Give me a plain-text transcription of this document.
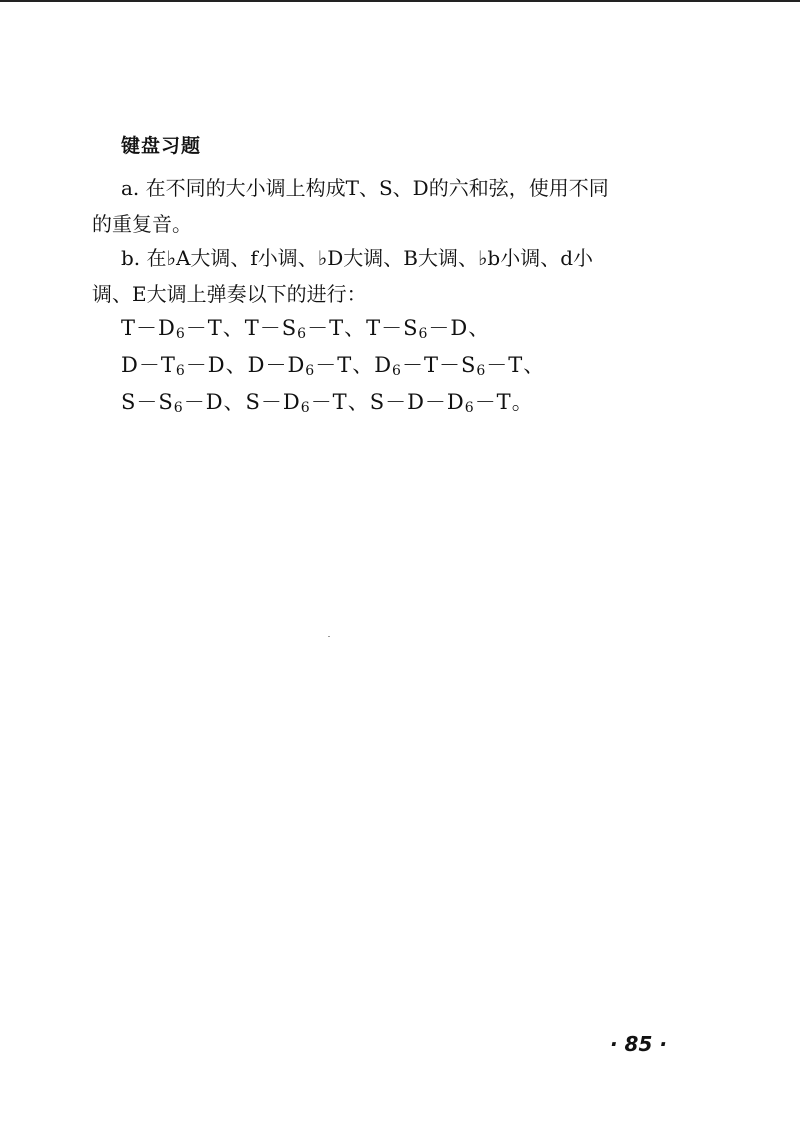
键盘习题
a. 在不同的大小调上构成T、S、D的六和弦，使用不同
的重复音。
b. 在♭A大调、f小调、♭D大调、B大调、♭b小调、d小
调、E大调上弹奏以下的进行：
$T-D_6-T$、$T-S_6-T$、$T-S_6-D$、
$D-T_6-D$、$D-D_6-T$、$D_6-T-S_6-T$、
$S-S_6-D$、$S-D_6-T$、$S-D-D_6-T$。
· 85 ·
